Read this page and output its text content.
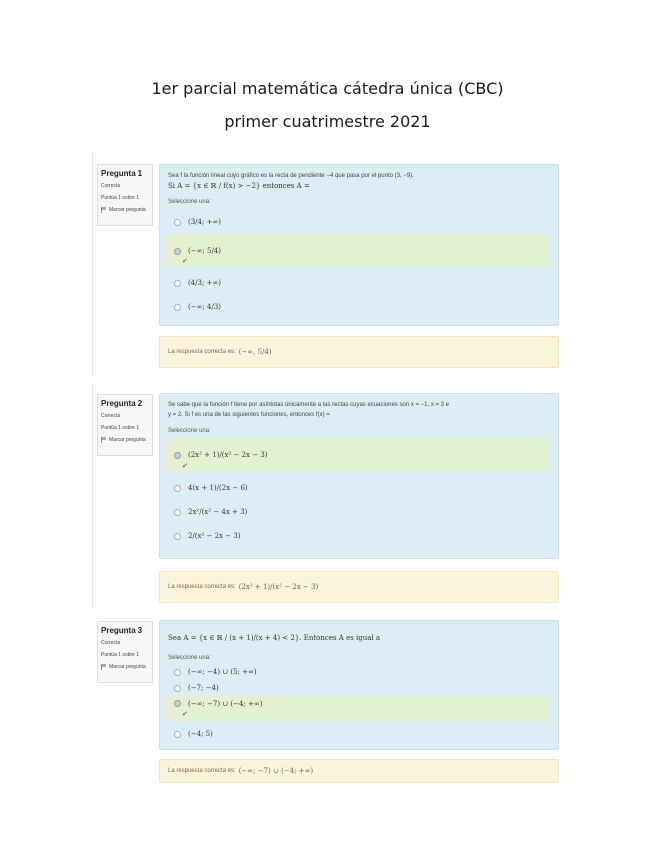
1er parcial matemática cátedra única (CBC)
primer cuatrimestre 2021
Pregunta 1
Correcta
Puntúa 1 sobre 1
Marcar pregunta
Sea f la función lineal cuyo gráfico es la recta de pendiente −4 que pasa por el punto (3, −9).
Si A = {x ∈ ℝ / f(x) > −2} entonces A =
Seleccione una:
(3/4; +∞)
(−∞; 5/4)
✔
(4/3; +∞)
(−∞; 4/3)
La respuesta correcta es: (−∞, 5/4)
Pregunta 2
Correcta
Puntúa 1 sobre 1
Marcar pregunta
Se sabe que la función f tiene por asíntotas únicamente a las rectas cuyas ecuaciones son x = −1, x = 3 e
y = 2. Si f es una de las siguientes funciones, entonces f(x) =
Seleccione una:
(2x² + 1)/(x² − 2x − 3)
✔
4(x + 1)/(2x − 6)
2x²/(x² − 4x + 3)
2/(x² − 2x − 3)
La respuesta correcta es: (2x² + 1)/(x² − 2x − 3)
Pregunta 3
Correcta
Puntúa 1 sobre 1
Marcar pregunta
Sea A = {x ∈ ℝ / (x + 1)/(x + 4) < 2}. Entonces A es igual a
Seleccione una:
(−∞; −4) ∪ (5; +∞)
(−7; −4)
(−∞; −7) ∪ (−4; +∞)
✔
(−4; 5)
La respuesta correcta es: (−∞; −7) ∪ (−4; +∞)
